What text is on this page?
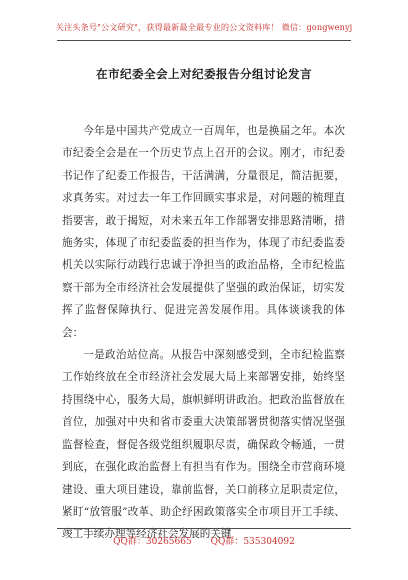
关注头条号"公文研究"，获得最新最全最专业的公文资料库！ 微信：gongwenyj
在市纪委全会上对纪委报告分组讨论发言

今年是中国共产党成立一百周年，也是换届之年。本次市纪委全会是在一个历史节点上召开的会议。刚才，市纪委书记作了纪委工作报告，干活满满，分量很足，简洁扼要，求真务实。对过去一年工作回顾实事求是，对问题的梳理直指要害，敢于揭短，对未来五年工作部署安排思路清晰，措施务实，体现了市纪委监委的担当作为，体现了市纪委监委机关以实际行动践行忠诚于净担当的政治品格，全市纪检监察干部为全市经济社会发展提供了坚强的政治保证，切实发挥了监督保障执行、促进完善发展作用。具体谈谈我的体会：

一是政治站位高。从报告中深刻感受到，全市纪检监察工作始终放在全市经济社会发展大局上来部署安排，始终坚持围绕中心，服务大局，旗帜鲜明讲政治。把政治监督放在首位，加强对中央和省市委重大决策部署贯彻落实情况坚强监督检查，督促各级党组织履职尽责，确保政令畅通，一贯到底，在强化政治监督上有担当有作为。围绕全市营商环境建设、重大项目建设，靠前监督，关口前移立足职责定位，紧盯“放管服”改革、助企纾困政策落实全市项目开工手续、竣工手续办理等经济社会发展的关键

QQ群：30265665 QQ群：535304092
